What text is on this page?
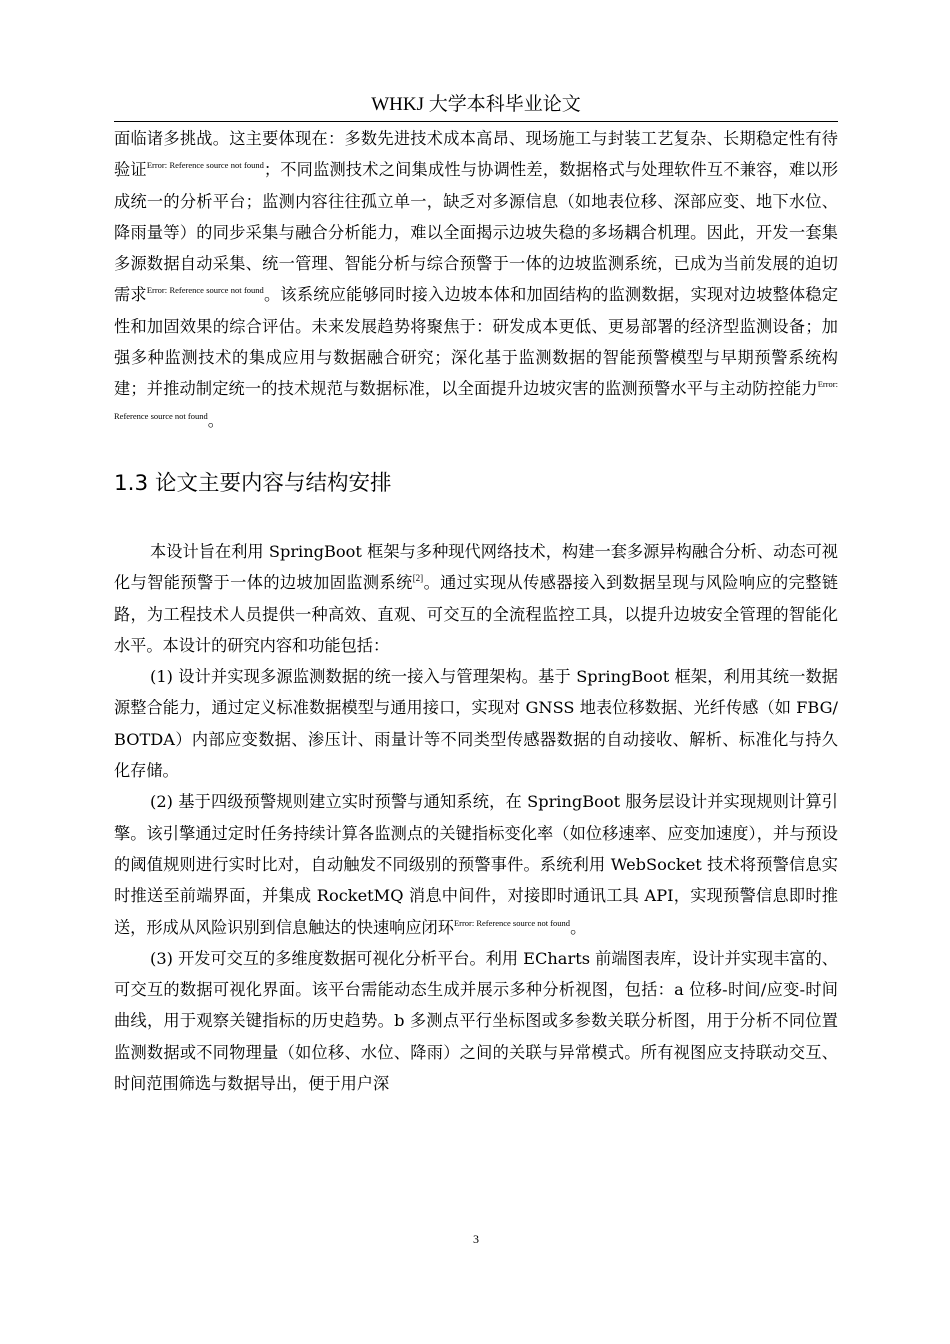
WHKJ 大学本科毕业论文

面临诸多挑战。这主要体现在：多数先进技术成本高昂、现场施工与封装工艺复杂、长期稳定性有待验证$^{Error: Reference source not found}$；不同监测技术之间集成性与协调性差，数据格式与处理软件互不兼容，难以形成统一的分析平台；监测内容往往孤立单一，缺乏对多源信息（如地表位移、深部应变、地下水位、降雨量等）的同步采集与融合分析能力，难以全面揭示边坡失稳的多场耦合机理。因此，开发一套集多源数据自动采集、统一管理、智能分析与综合预警于一体的边坡监测系统，已成为当前发展的迫切需求$^{Error: Reference source not found}$。该系统应能够同时接入边坡本体和加固结构的监测数据，实现对边坡整体稳定性和加固效果的综合评估。未来发展趋势将聚焦于：研发成本更低、更易部署的经济型监测设备；加强多种监测技术的集成应用与数据融合研究；深化基于监测数据的智能预警模型与早期预警系统构建；并推动制定统一的技术规范与数据标准，以全面提升边坡灾害的监测预警水平与主动防控能力$^{Error: Reference source not found}$。

1.3 论文主要内容与结构安排

本设计旨在利用 SpringBoot 框架与多种现代网络技术，构建一套多源异构融合分析、动态可视化与智能预警于一体的边坡加固监测系统[2]。通过实现从传感器接入到数据呈现与风险响应的完整链路，为工程技术人员提供一种高效、直观、可交互的全流程监控工具，以提升边坡安全管理的智能化水平。本设计的研究内容和功能包括：

(1) 设计并实现多源监测数据的统一接入与管理架构。基于 SpringBoot 框架，利用其统一数据源整合能力，通过定义标准数据模型与通用接口，实现对 GNSS 地表位移数据、光纤传感（如 FBG/BOTDA）内部应变数据、渗压计、雨量计等不同类型传感器数据的自动接收、解析、标准化与持久化存储。

(2) 基于四级预警规则建立实时预警与通知系统，在 SpringBoot 服务层设计并实现规则计算引擎。该引擎通过定时任务持续计算各监测点的关键指标变化率（如位移速率、应变加速度），并与预设的阈值规则进行实时比对，自动触发不同级别的预警事件。系统利用 WebSocket 技术将预警信息实时推送至前端界面，并集成 RocketMQ 消息中间件，对接即时通讯工具 API，实现预警信息即时推送，形成从风险识别到信息触达的快速响应闭环$^{Error: Reference source not found}$。

(3) 开发可交互的多维度数据可视化分析平台。利用 ECharts 前端图表库，设计并实现丰富的、可交互的数据可视化界面。该平台需能动态生成并展示多种分析视图，包括：a 位移-时间/应变-时间曲线，用于观察关键指标的历史趋势。b 多测点平行坐标图或多参数关联分析图，用于分析不同位置监测数据或不同物理量（如位移、水位、降雨）之间的关联与异常模式。所有视图应支持联动交互、时间范围筛选与数据导出，便于用户深

3
